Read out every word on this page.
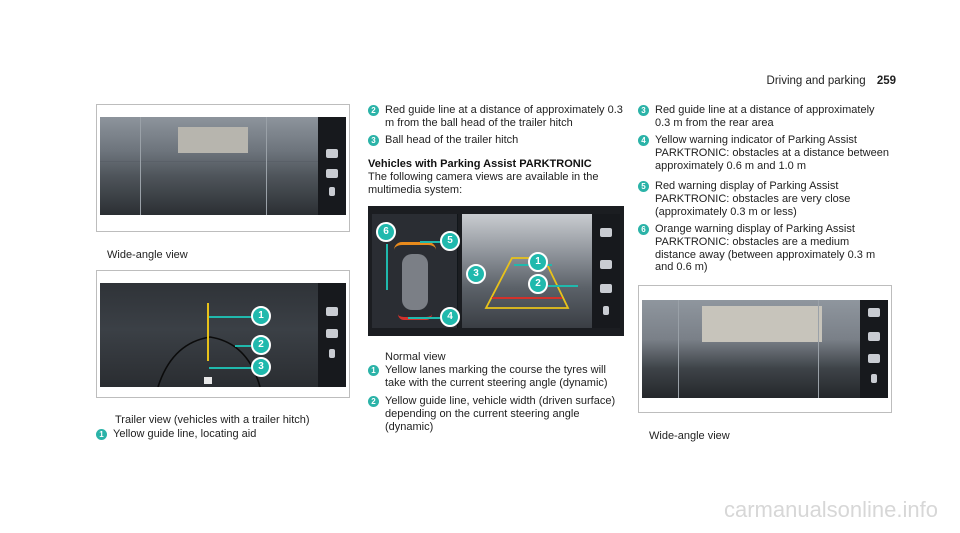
Driving and parking 259
Wide-angle view
1
2
3
Trailer view (vehicles with a trailer hitch)
1 Yellow guide line, locating aid
2 Red guide line at a distance of approximately 0.3 m from the ball head of the trailer hitch
3 Ball head of the trailer hitch
Vehicles with Parking Assist PARKTRONIC
The following camera views are available in the multimedia system:
6
5
4
3
1
2
Normal view
1 Yellow lanes marking the course the tyres will take with the current steering angle (dynamic)
2 Yellow guide line, vehicle width (driven surface) depending on the current steering angle (dynamic)
3 Red guide line at a distance of approximately 0.3 m from the rear area
4 Yellow warning indicator of Parking Assist PARKTRONIC: obstacles at a distance between approximately 0.6 m and 1.0 m
5 Red warning display of Parking Assist PARKTRONIC: obstacles are very close (approximately 0.3 m or less)
6 Orange warning display of Parking Assist PARKTRONIC: obstacles are a medium distance away (between approximately 0.3 m and 0.6 m)
Wide-angle view
carmanualsonline.info
